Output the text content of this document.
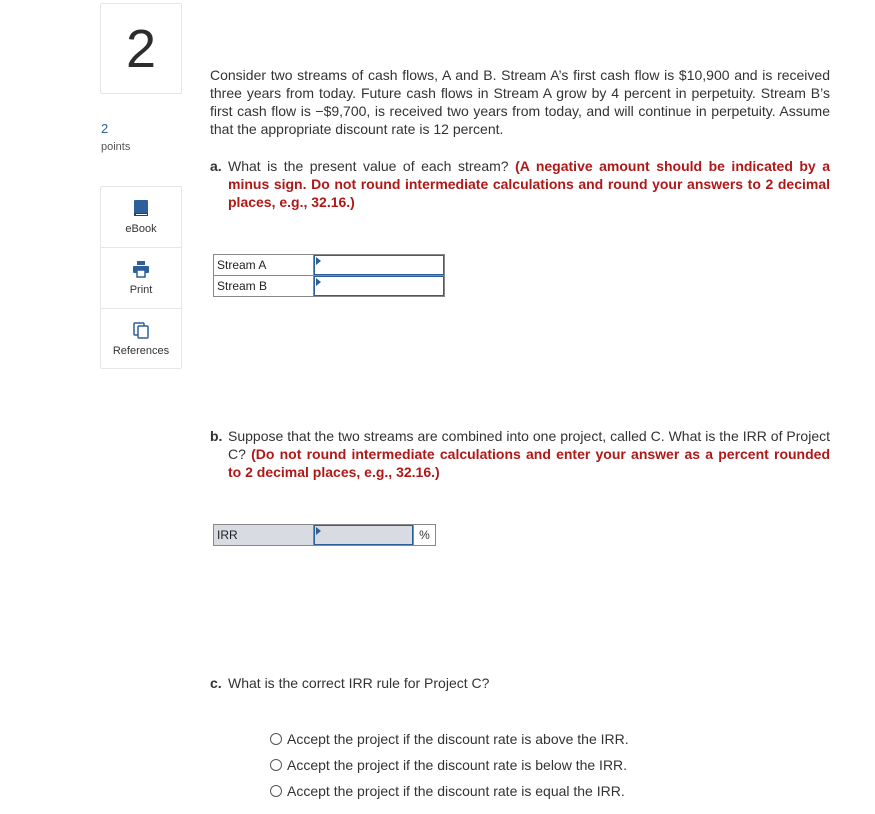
2
2
points
eBook
Print
References
Consider two streams of cash flows, A and B. Stream A’s first cash flow is $10,900 and is received three years from today. Future cash flows in Stream A grow by 4 percent in perpetuity. Stream B’s first cash flow is −$9,700, is received two years from today, and will continue in perpetuity. Assume that the appropriate discount rate is 12 percent.
a. What is the present value of each stream? (A negative amount should be indicated by a minus sign. Do not round intermediate calculations and round your answers to 2 decimal places, e.g., 32.16.)
Stream A	

Stream B	
b. Suppose that the two streams are combined into one project, called C. What is the IRR of Project C? (Do not round intermediate calculations and enter your answer as a percent rounded to 2 decimal places, e.g., 32.16.)
IRR		%
c. What is the correct IRR rule for Project C?
Accept the project if the discount rate is above the IRR.
Accept the project if the discount rate is below the IRR.
Accept the project if the discount rate is equal the IRR.
